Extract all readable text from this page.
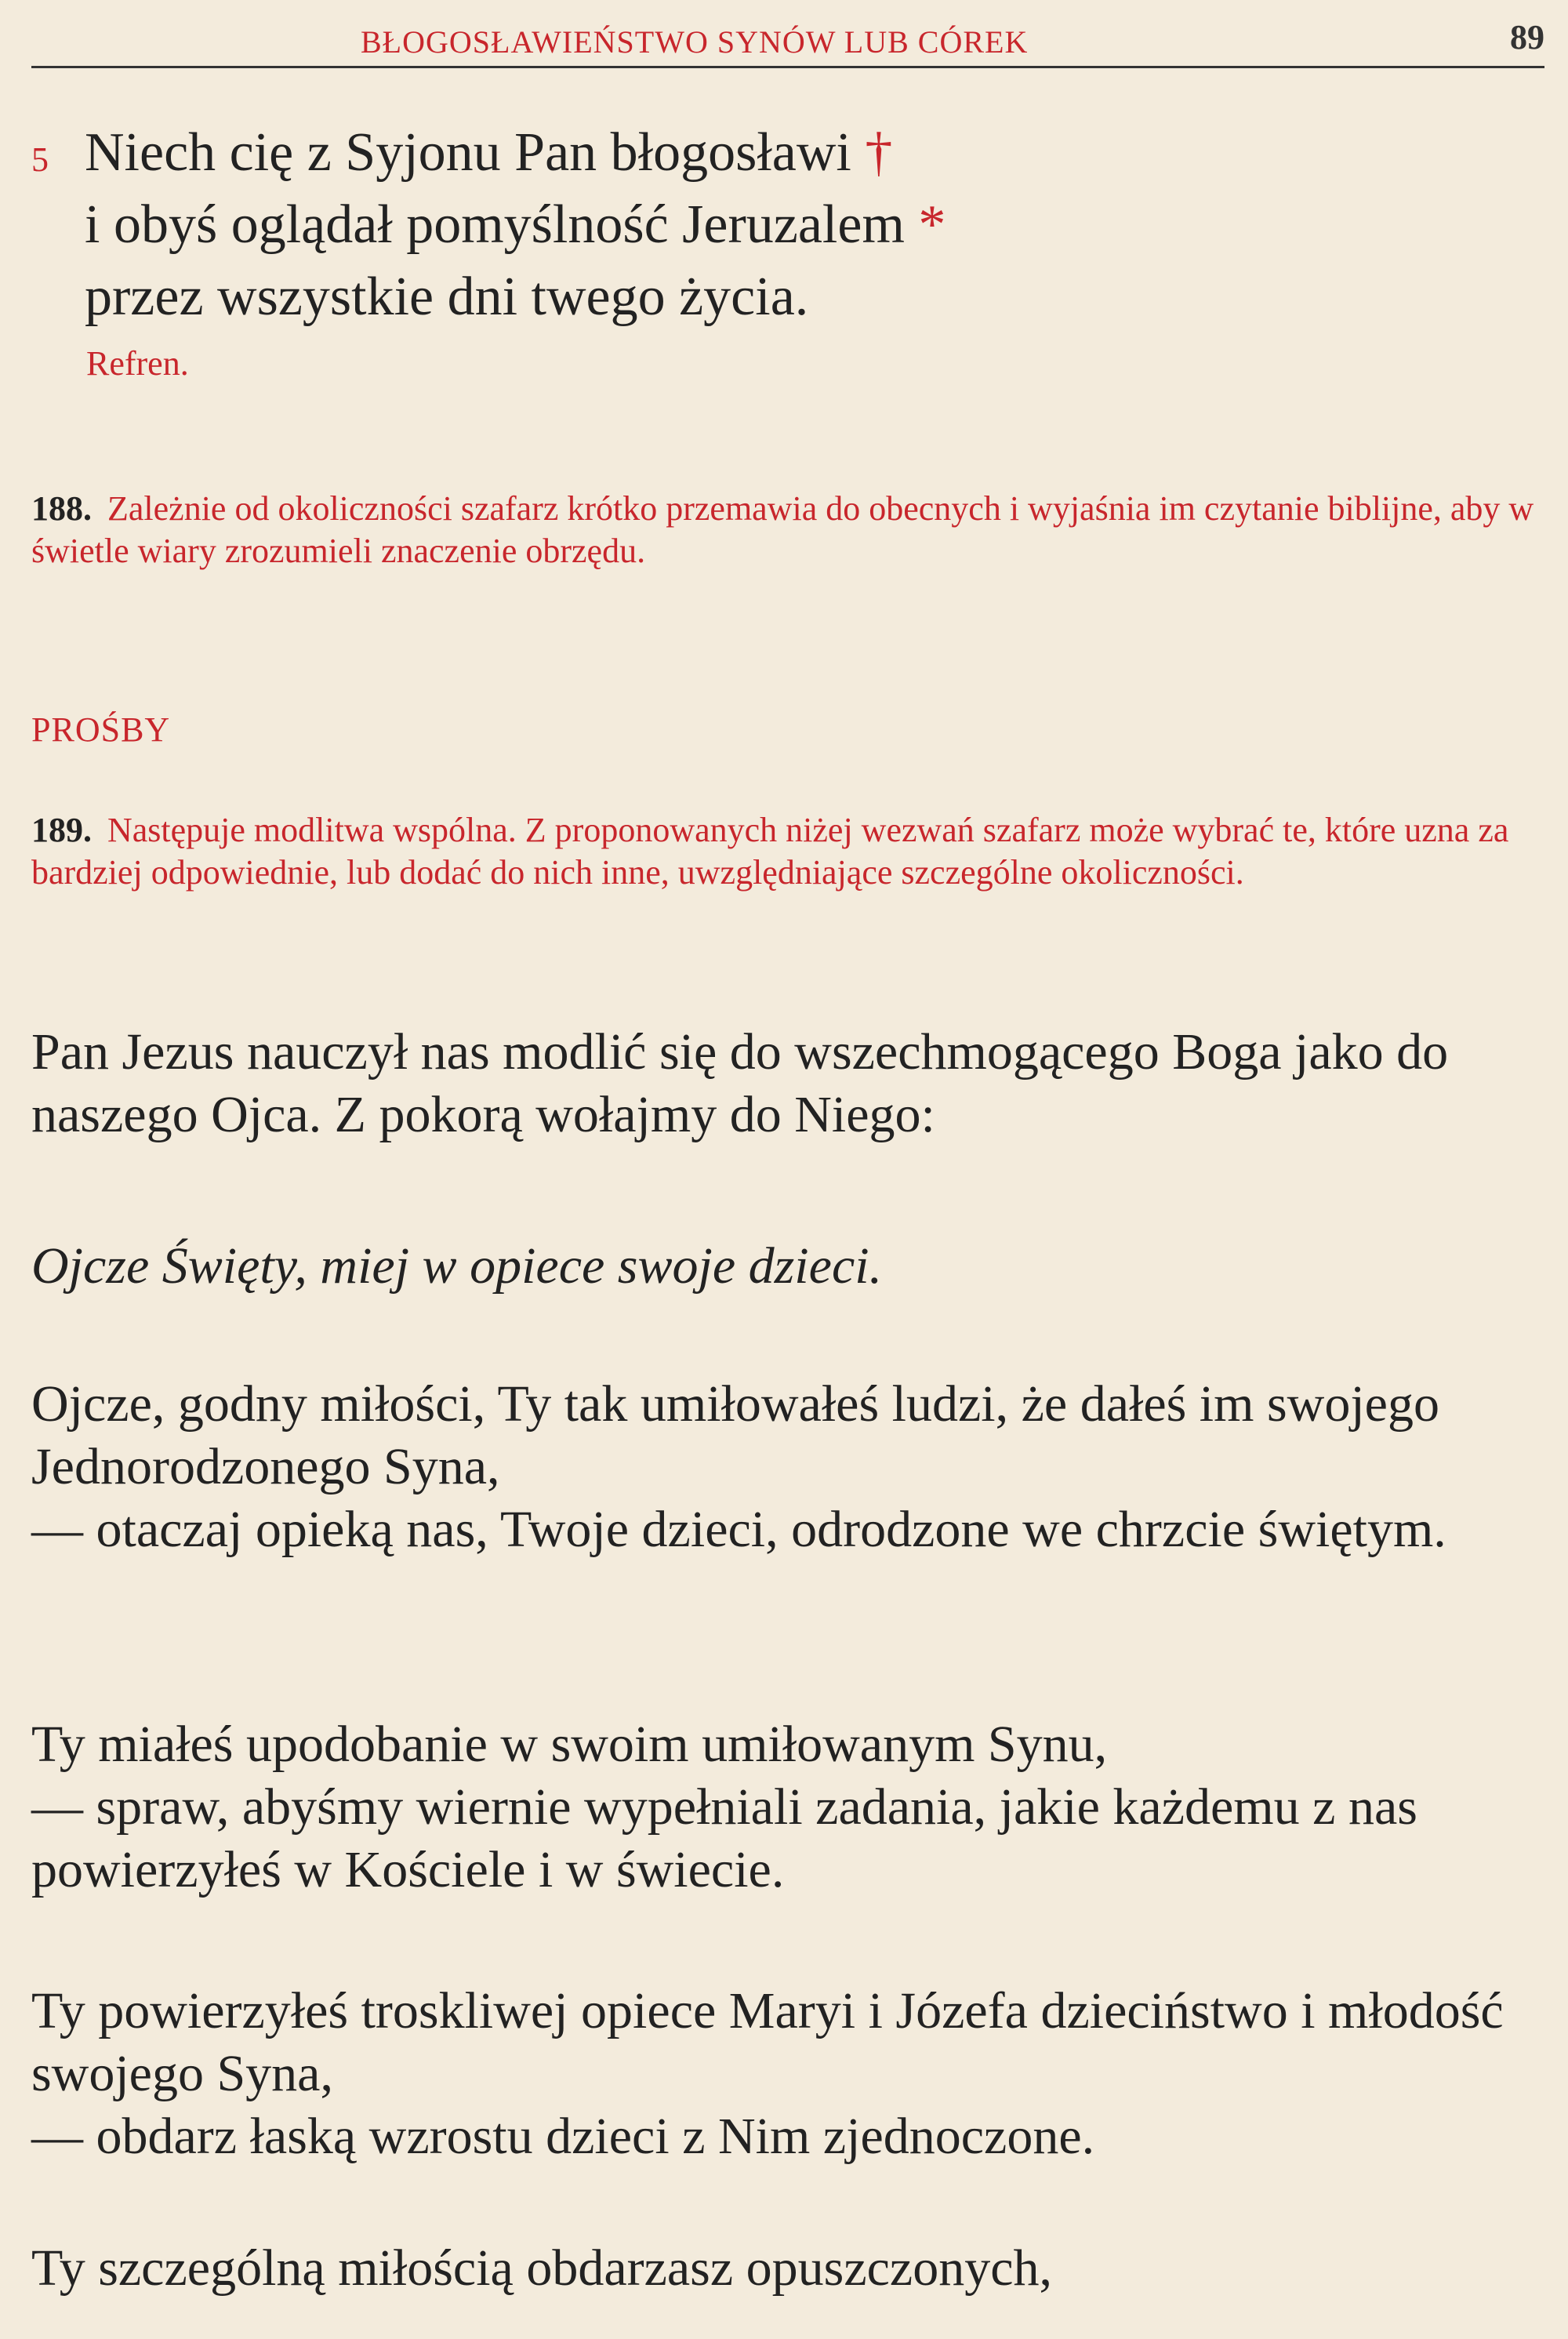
BŁOGOSŁAWIEŃSTWO SYNÓW LUB CÓREK	89
5 Niech cię z Syjonu Pan błogosławi †
i obyś oglądał pomyślność Jeruzalem *
przez wszystkie dni twego życia.
Refren.
188. Zależnie od okoliczności szafarz krótko przemawia do obecnych i wyjaśnia im czytanie biblijne, aby w świetle wiary zrozumieli znaczenie obrzędu.
PROŚBY
189. Następuje modlitwa wspólna. Z proponowanych niżej wezwań szafarz może wybrać te, które uzna za bardziej odpowiednie, lub dodać do nich inne, uwzględniające szczególne okoliczności.
Pan Jezus nauczył nas modlić się do wszechmogącego Boga jako do naszego Ojca. Z pokorą wołajmy do Niego:
Ojcze Święty, miej w opiece swoje dzieci.
Ojcze, godny miłości, Ty tak umiłowałeś ludzi, że dałeś im swojego Jednorodzonego Syna,
— otaczaj opieką nas, Twoje dzieci, odrodzone we chrzcie świętym.
Ty miałeś upodobanie w swoim umiłowanym Synu,
— spraw, abyśmy wiernie wypełniali zadania, jakie każdemu z nas powierzyłeś w Kościele i w świecie.
Ty powierzyłeś troskliwej opiece Maryi i Józefa dzieciństwo i młodość swojego Syna,
— obdarz łaską wzrostu dzieci z Nim zjednoczone.
Ty szczególną miłością obdarzasz opuszczonych,
